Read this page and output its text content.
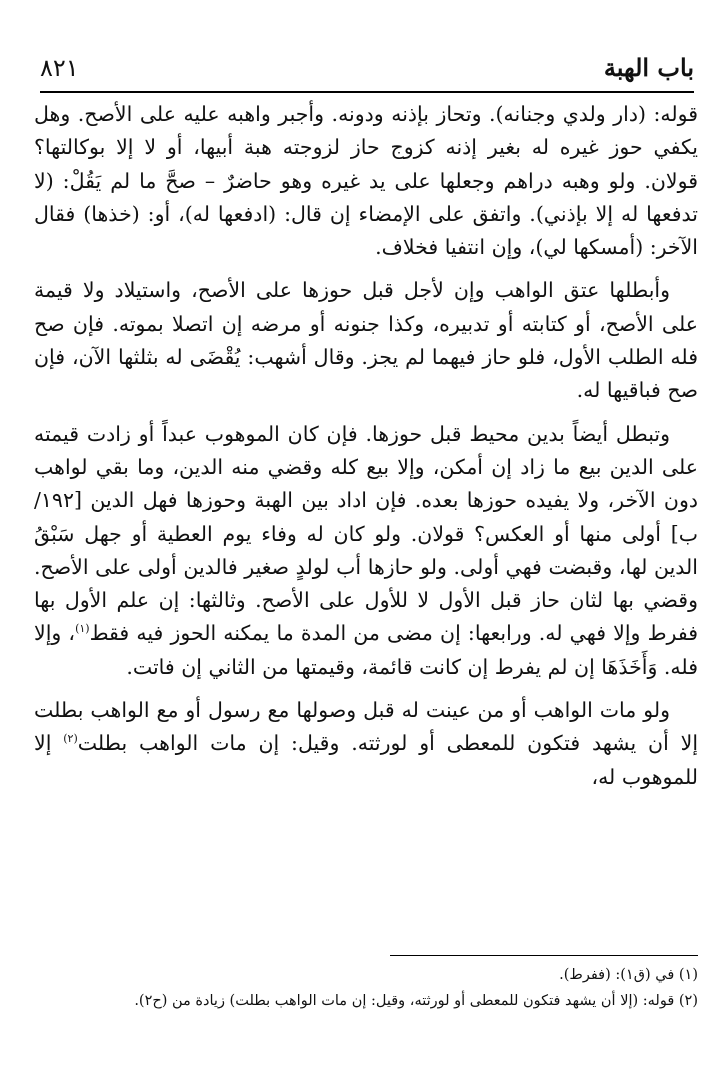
باب الهبة
٨٢١

قوله: (دار ولدي وجنانه). وتحاز بإذنه ودونه. وأجبر واهبه عليه على الأصح. وهل يكفي حوز غيره له بغير إذنه كزوج حاز لزوجته هبة أبيها، أو لا إلا بوكالتها؟ قولان. ولو وهبه دراهم وجعلها على يد غيره وهو حاضرٌ – صحَّ ما لم يَقُلْ: (لا تدفعها له إلا بإذني). واتفق على الإمضاء إن قال: (ادفعها له)، أو: (خذها) فقال الآخر: (أمسكها لي)، وإن انتفيا فخلاف.

وأبطلها عتق الواهب وإن لأجل قبل حوزها على الأصح، واستيلاد ولا قيمة على الأصح، أو كتابته أو تدبيره، وكذا جنونه أو مرضه إن اتصلا بموته. فإن صح فله الطلب الأول، فلو حاز فيهما لم يجز. وقال أشهب: يُقْضَى له بثلثها الآن، فإن صح فباقيها له.

وتبطل أيضاً بدين محيط قبل حوزها. فإن كان الموهوب عبداً أو زادت قيمته على الدين بيع ما زاد إن أمكن، وإلا بيع كله وقضي منه الدين، وما بقي لواهب دون الآخر، ولا يفيده حوزها بعده. فإن اداد بين الهبة وحوزها فهل الدين [١٩٢/ ب] أولى منها أو العكس؟ قولان. ولو كان له وفاء يوم العطية أو جهل سَبْقُ الدين لها، وقبضت فهي أولى. ولو حازها أب لولدٍ صغير فالدين أولى على الأصح. وقضي بها لثان حاز قبل الأول لا للأول على الأصح. وثالثها: إن علم الأول بها ففرط وإلا فهي له. ورابعها: إن مضى من المدة ما يمكنه الحوز فيه فقط$^{(١)}$، وإلا فله. وَأَخَذَهَا إن لم يفرط إن كانت قائمة، وقيمتها من الثاني إن فاتت.

ولو مات الواهب أو من عينت له قبل وصولها مع رسول أو مع الواهب بطلت إلا أن يشهد فتكون للمعطى أو لورثته. وقيل: إن مات الواهب بطلت$^{(٢)}$ إلا للموهوب له،

(١) في (ق١): (ففرط).

(٢) قوله: (إلا أن يشهد فتكون للمعطى أو لورثته، وقيل: إن مات الواهب بطلت) زيادة من (ح٢).
